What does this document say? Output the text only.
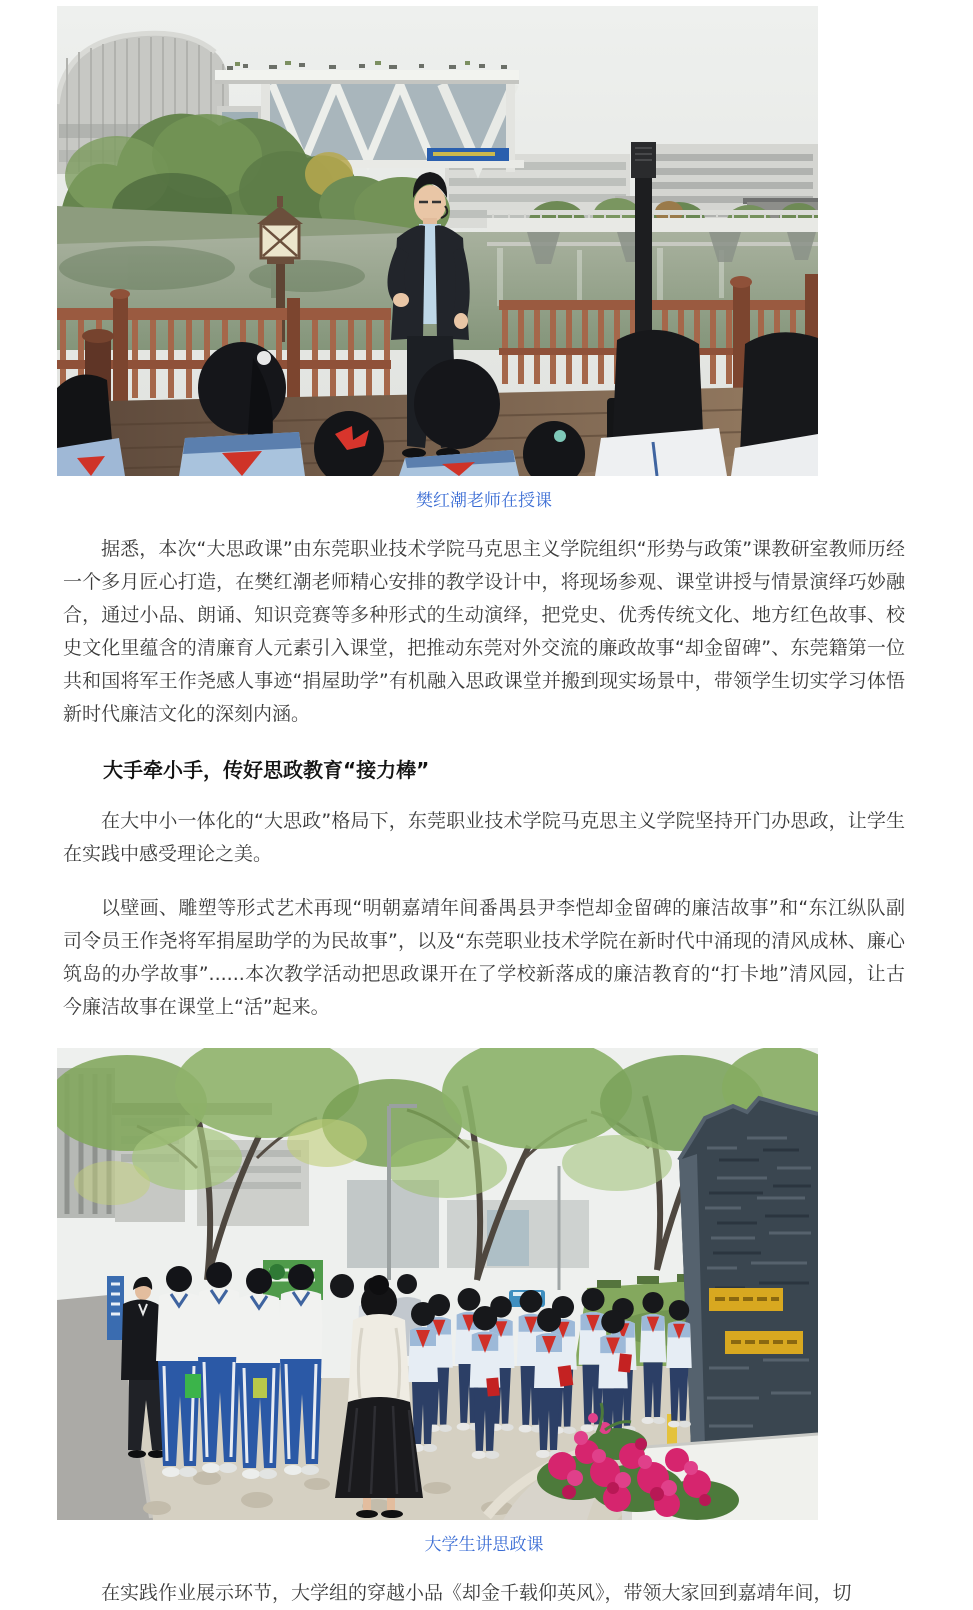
樊红潮老师在授课

据悉，本次“大思政课”由东莞职业技术学院马克思主义学院组织“形势与政策”课教研室教师历经一个多月匠心打造，在樊红潮老师精心安排的教学设计中，将现场参观、课堂讲授与情景演绎巧妙融合，通过小品、朗诵、知识竞赛等多种形式的生动演绎，把党史、优秀传统文化、地方红色故事、校史文化里蕴含的清廉育人元素引入课堂，把推动东莞对外交流的廉政故事“却金留碑”、东莞籍第一位共和国将军王作尧感人事迹“捐屋助学”有机融入思政课堂并搬到现实场景中，带领学生切实学习体悟新时代廉洁文化的深刻内涵。

大手牵小手，传好思政教育“接力棒”

在大中小一体化的“大思政”格局下，东莞职业技术学院马克思主义学院坚持开门办思政，让学生在实践中感受理论之美。

以壁画、雕塑等形式艺术再现“明朝嘉靖年间番禺县尹李恺却金留碑的廉洁故事”和“东江纵队副司令员王作尧将军捐屋助学的为民故事”，以及“东莞职业技术学院在新时代中涌现的清风成林、廉心筑岛的办学故事”......本次教学活动把思政课开在了学校新落成的廉洁教育的“打卡地”清风园，让古今廉洁故事在课堂上“活”起来。

大学生讲思政课

在实践作业展示环节，大学组的穿越小品《却金千载仰英风》，带领大家回到嘉靖年间，切
